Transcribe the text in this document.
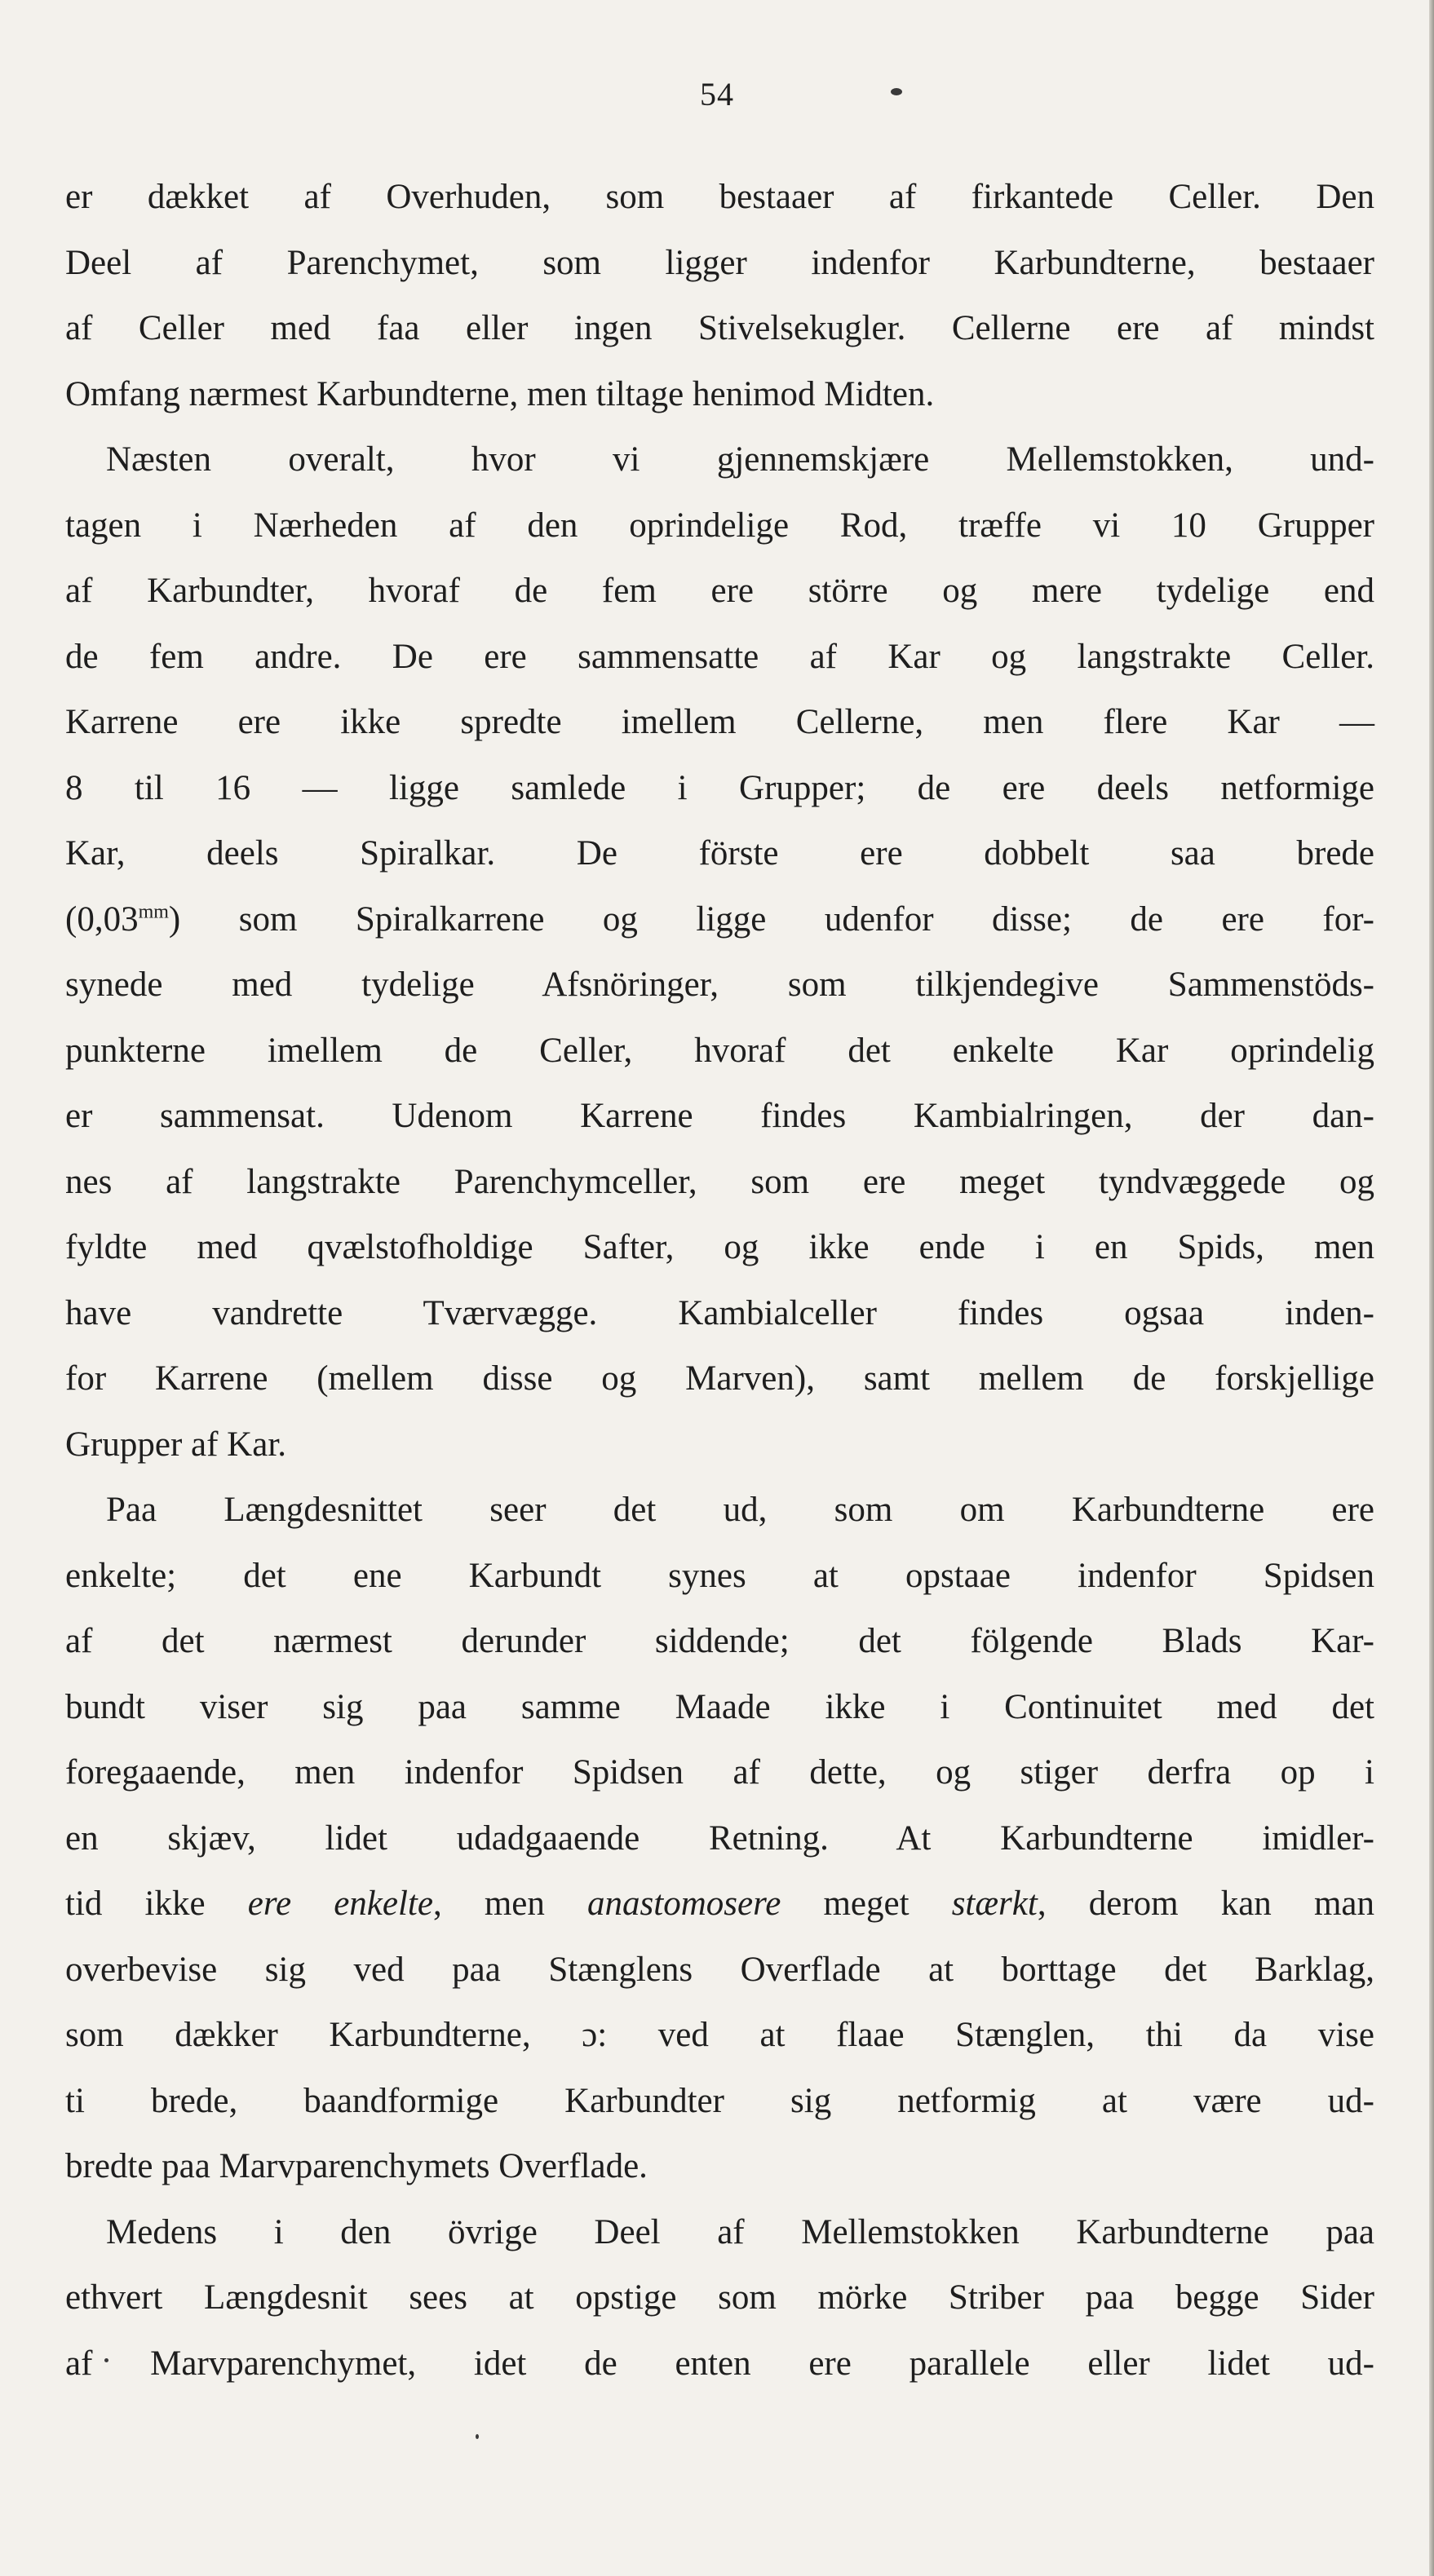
54
er dækket af Overhuden, som bestaaer af firkantede Celler. Den
Deel af Parenchymet, som ligger indenfor Karbundterne, bestaaer
af Celler med faa eller ingen Stivelsekugler. Cellerne ere af mindst
Omfang nærmest Karbundterne, men tiltage henimod Midten.
Næsten overalt, hvor vi gjennemskjære Mellemstokken, und-
tagen i Nærheden af den oprindelige Rod, træffe vi 10 Grupper
af Karbundter, hvoraf de fem ere större og mere tydelige end
de fem andre. De ere sammensatte af Kar og langstrakte Celler.
Karrene ere ikke spredte imellem Cellerne, men flere Kar —
8 til 16 — ligge samlede i Grupper; de ere deels netformige
Kar, deels Spiralkar. De förste ere dobbelt saa brede
$(0,03^{mm})$ som Spiralkarrene og ligge udenfor disse; de ere for-
synede med tydelige Afsnöringer, som tilkjendegive Sammenstöds-
punkterne imellem de Celler, hvoraf det enkelte Kar oprindelig
er sammensat. Udenom Karrene findes Kambialringen, der dan-
nes af langstrakte Parenchymceller, som ere meget tyndvæggede og
fyldte med qvælstofholdige Safter, og ikke ende i en Spids, men
have vandrette Tværvægge. Kambialceller findes ogsaa inden-
for Karrene (mellem disse og Marven), samt mellem de forskjellige
Grupper af Kar.
Paa Længdesnittet seer det ud, som om Karbundterne ere
enkelte; det ene Karbundt synes at opstaae indenfor Spidsen
af det nærmest derunder siddende; det fölgende Blads Kar-
bundt viser sig paa samme Maade ikke i Continuitet med det
foregaaende, men indenfor Spidsen af dette, og stiger derfra op i
en skjæv, lidet udadgaaende Retning. At Karbundterne imidler-
tid ikke ere enkelte, men anastomosere meget stærkt, derom kan man
overbevise sig ved paa Stænglens Overflade at borttage det Barklag,
som dækker Karbundterne, ɔ: ved at flaae Stænglen, thi da vise
ti brede, baandformige Karbundter sig netformig at være ud-
bredte paa Marvparenchymets Overflade.
Medens i den övrige Deel af Mellemstokken Karbundterne paa
ethvert Længdesnit sees at opstige som mörke Striber paa begge Sider
af Marvparenchymet, idet de enten ere parallele eller lidet ud-
